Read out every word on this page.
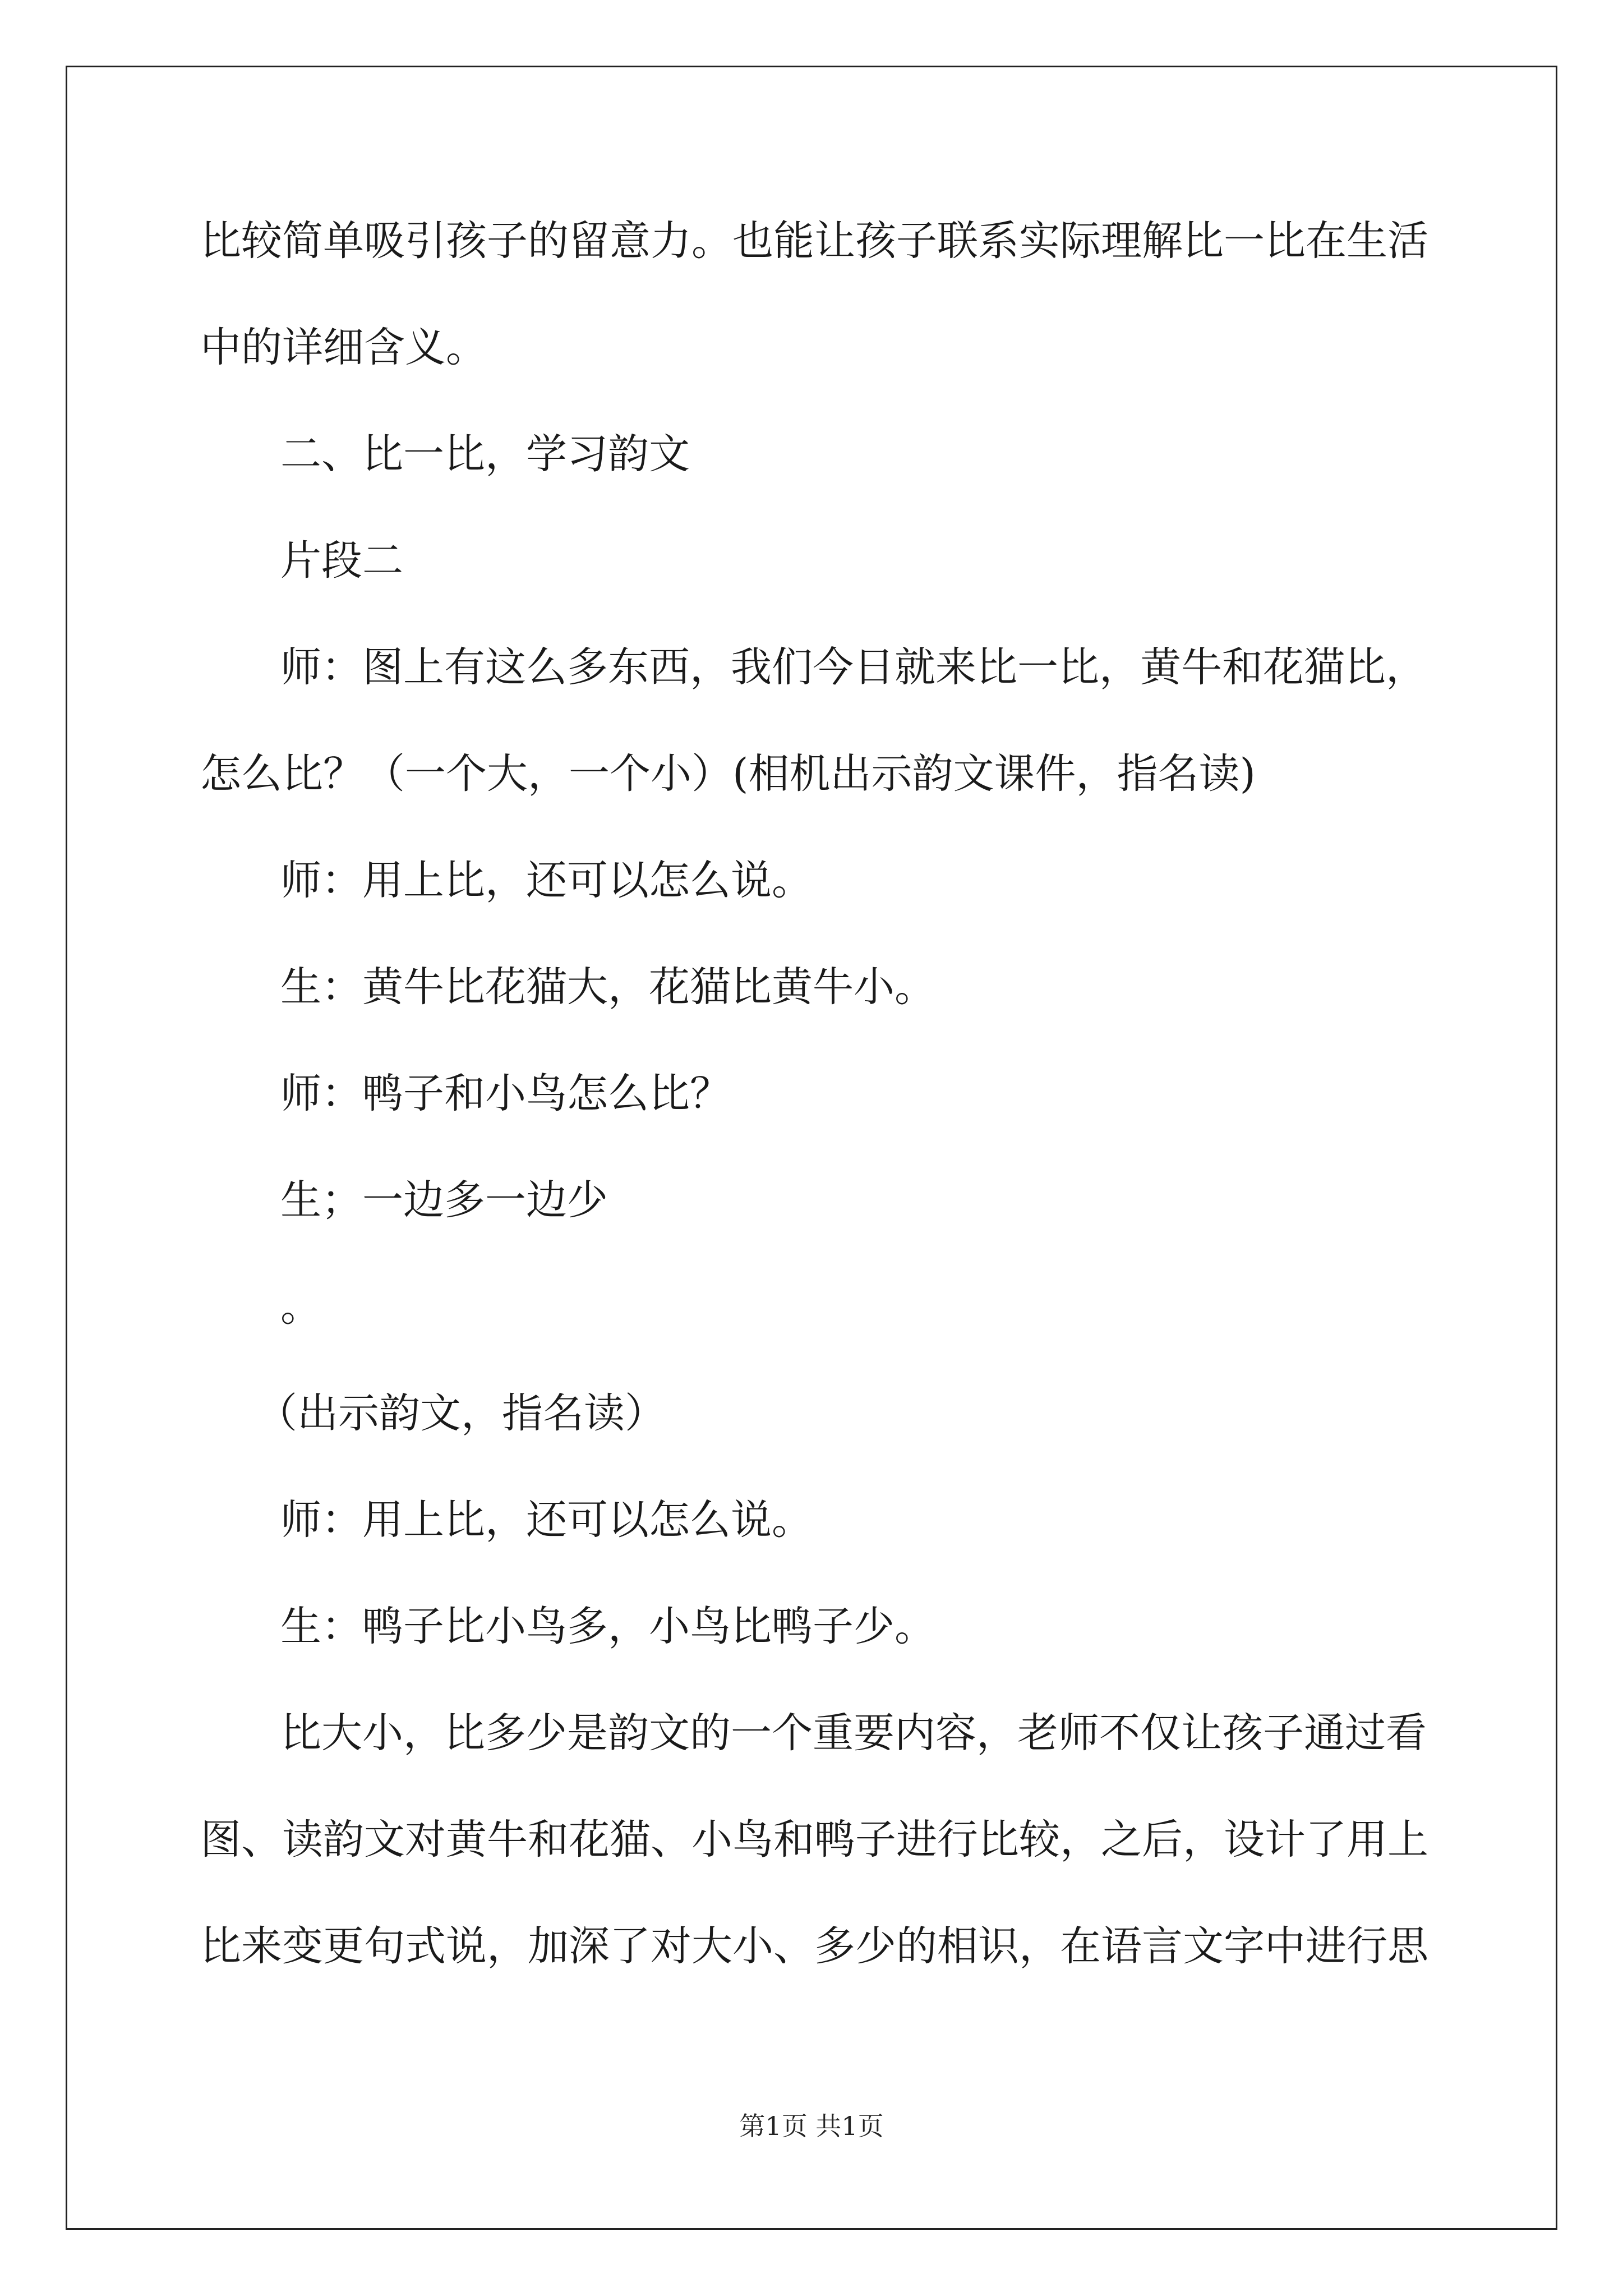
比较简单吸引孩子的留意力。也能让孩子联系实际理解比一比在生活
中的详细含义。
二、比一比，学习韵文
片段二
师：图上有这么多东西，我们今日就来比一比，黄牛和花猫比，
怎么比？（一个大，一个小）(相机出示韵文课件，指名读)
师：用上比，还可以怎么说。
生：黄牛比花猫大，花猫比黄牛小。
师：鸭子和小鸟怎么比？
生；一边多一边少
。
（出示韵文，指名读）
师：用上比，还可以怎么说。
生：鸭子比小鸟多，小鸟比鸭子少。
比大小，比多少是韵文的一个重要内容，老师不仅让孩子通过看
图、读韵文对黄牛和花猫、小鸟和鸭子进行比较，之后，设计了用上
比来变更句式说，加深了对大小、多少的相识，在语言文字中进行思
第1页 共1页
